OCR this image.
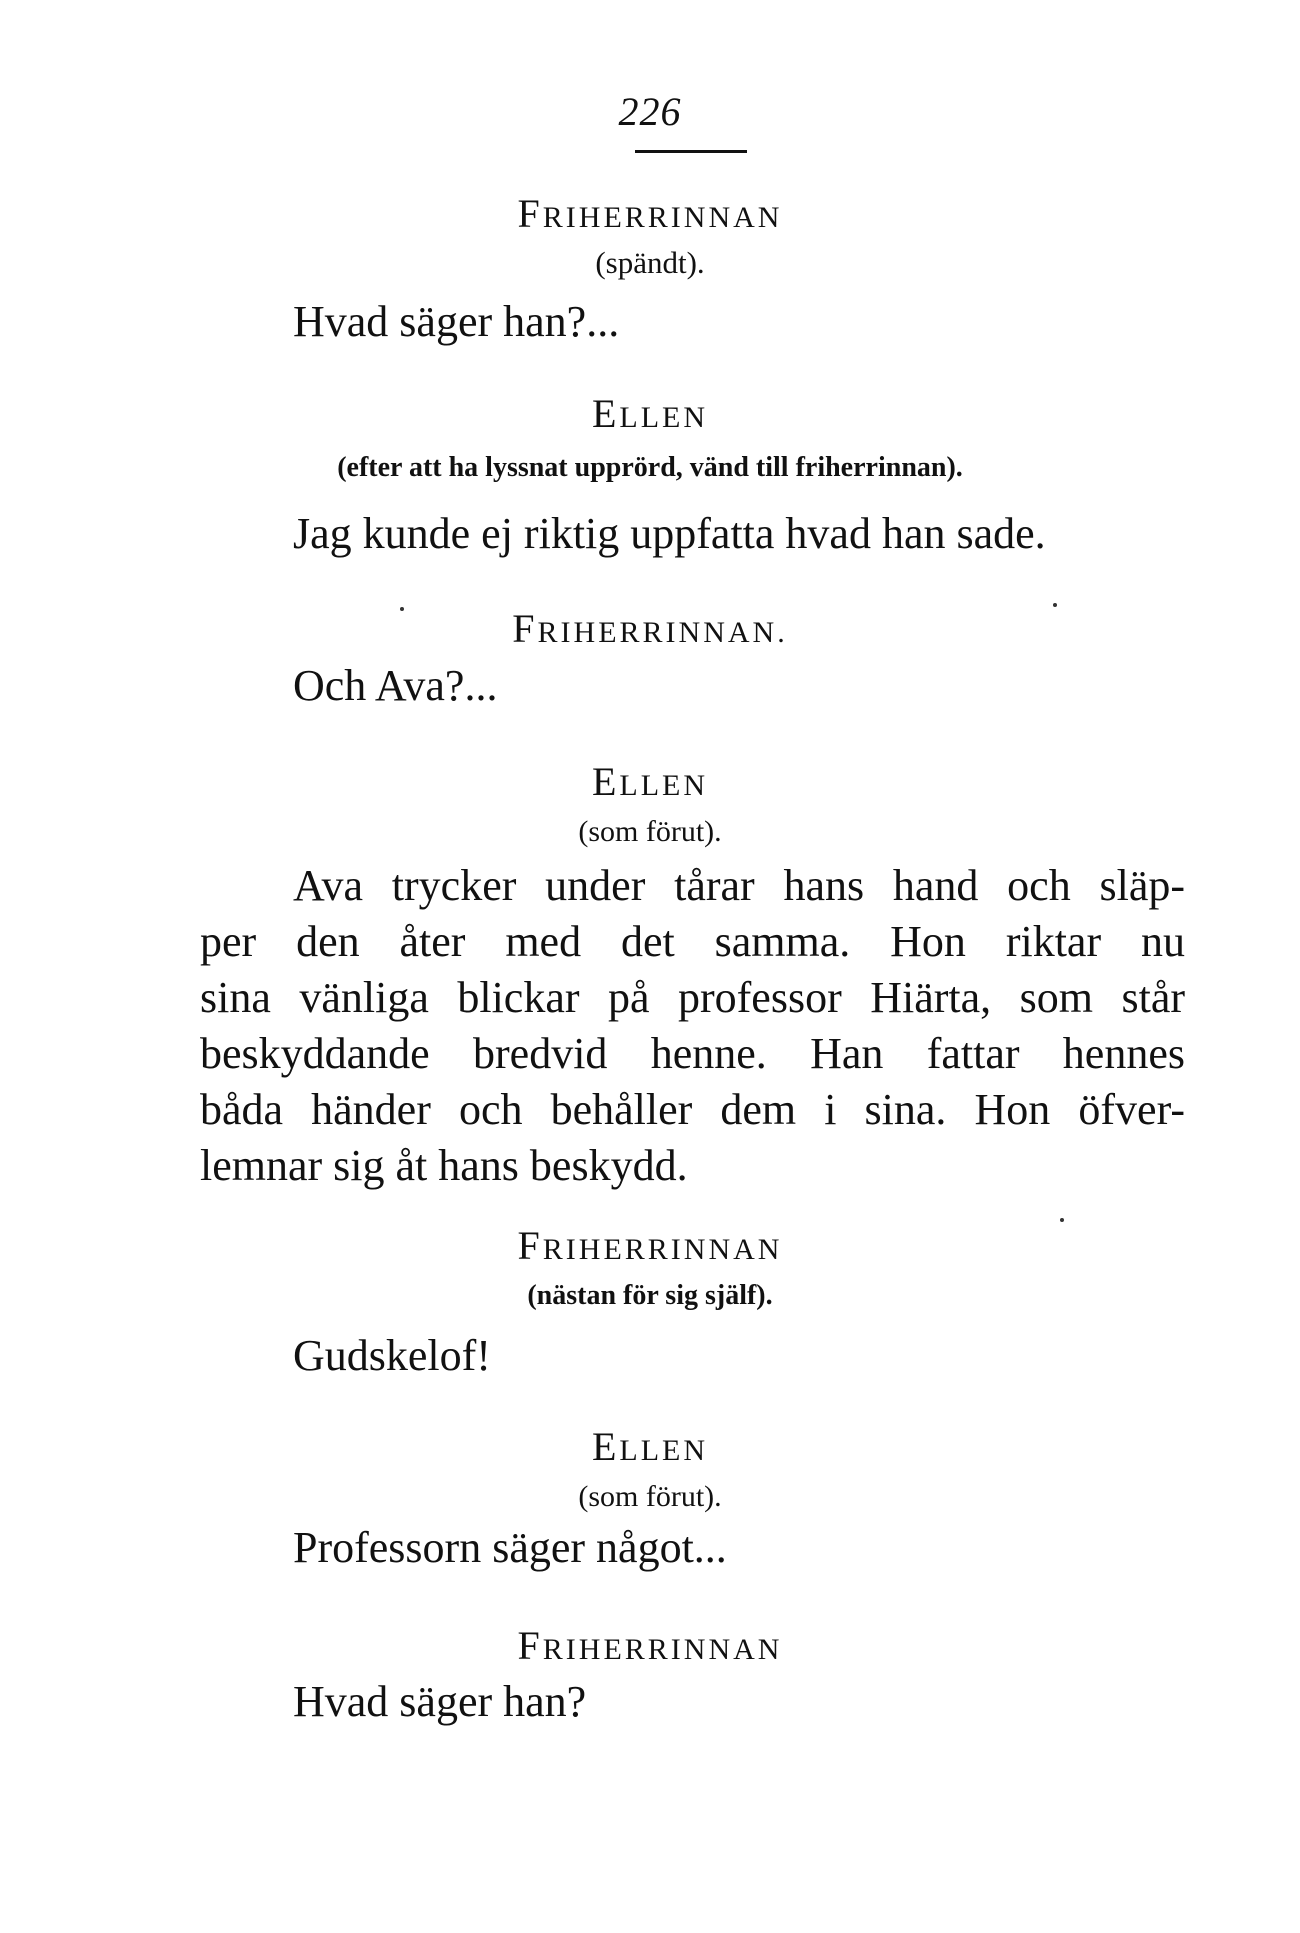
226
FRIHERRINNAN
(spändt).
Hvad säger han?...
ELLEN
(efter att ha lyssnat upprörd, vänd till friherrinnan).
Jag kunde ej riktig uppfatta hvad han sade.
FRIHERRINNAN.
Och Ava?...
ELLEN
(som förut).
Ava trycker under tårar hans hand och släp-
per den åter med det samma. Hon riktar nu
sina vänliga blickar på professor Hiärta, som står
beskyddande bredvid henne. Han fattar hennes
båda händer och behåller dem i sina. Hon öfver-
lemnar sig åt hans beskydd.
FRIHERRINNAN
(nästan för sig själf).
Gudskelof!
ELLEN
(som förut).
Professorn säger något...
FRIHERRINNAN
Hvad säger han?
